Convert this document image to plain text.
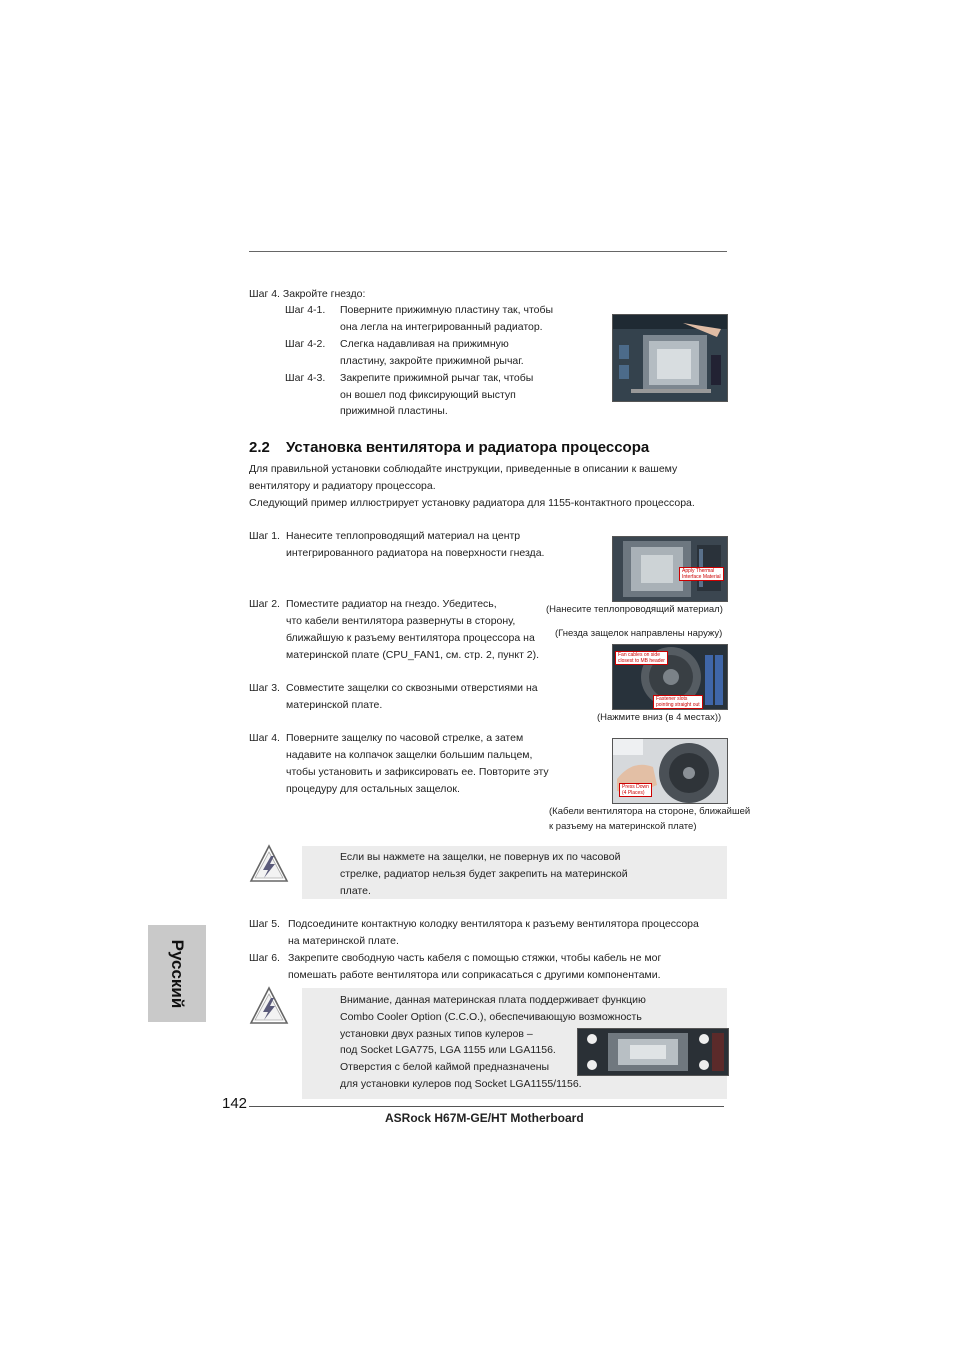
Шаг 4. Закройте гнездо:
Шаг 4-1. Поверните прижимную пластину так, чтобы
она легла на интегрированный радиатор.
Шаг 4-2. Слегка надавливая на прижимную
пластину, закройте прижимной рычаг.
Шаг 4-3. Закрепите прижимной рычаг так, чтобы
он вошел под фиксирующий выступ
прижимной пластины.
2.2 Установка вентилятора и радиатора процессора
Для правильной установки соблюдайте инструкции, приведенные в описании к вашему
вентилятору и радиатору процессора.
Следующий пример иллюстрирует установку радиатора для 1155-контактного процессора.
Шаг 1. Нанесите теплопроводящий материал на центр
интегрированного радиатора на поверхности гнезда.
Apply Thermal
Interface Material
(Нанесите теплопроводящий материал)
Шаг 2. Поместите радиатор на гнездо. Убедитесь,
что кабели вентилятора развернуты в сторону,
ближайшую к разъему вентилятора процессора на
материнской плате (CPU_FAN1, см. стр. 2, пункт 2).
(Гнезда защелок направлены наружу)
Fan cables on side
closest to MB header
Fastener slots
pointing straight out
Шаг 3. Совместите защелки со сквозными отверстиями на
материнской плате.
(Нажмите вниз (в 4 местах))
Шаг 4. Поверните защелку по часовой стрелке, а затем
надавите на колпачок защелки большим пальцем,
чтобы установить и зафиксировать ее. Повторите эту
процедуру для остальных защелок.	Press Down
(4 Places)
(Кабели вентилятора на стороне, ближайшей
к разъему на материнской плате)
Если вы нажмете на защелки, не повернув их по часовой
стрелке, радиатор нельзя будет закрепить на материнской
плате.
Шаг 5. Подсоедините контактную колодку вентилятора к разъему вентилятора процессора
на материнской плате.
Шаг 6. Закрепите свободную часть кабеля с помощью стяжки, чтобы кабель не мог
помешать работе вентилятора или соприкасаться с другими компонентами.
Русский	Внимание, данная материнская плата поддерживает функцию
Combo Cooler Option (C.C.O.), обеспечивающую возможность
установки двух разных типов кулеров –
под Socket LGA775, LGA 1155 или LGA1156.
Отверстия с белой каймой предназначены
для установки кулеров под Socket LGA1155/1156.
142
ASRock H67M-GE/HT Motherboard
